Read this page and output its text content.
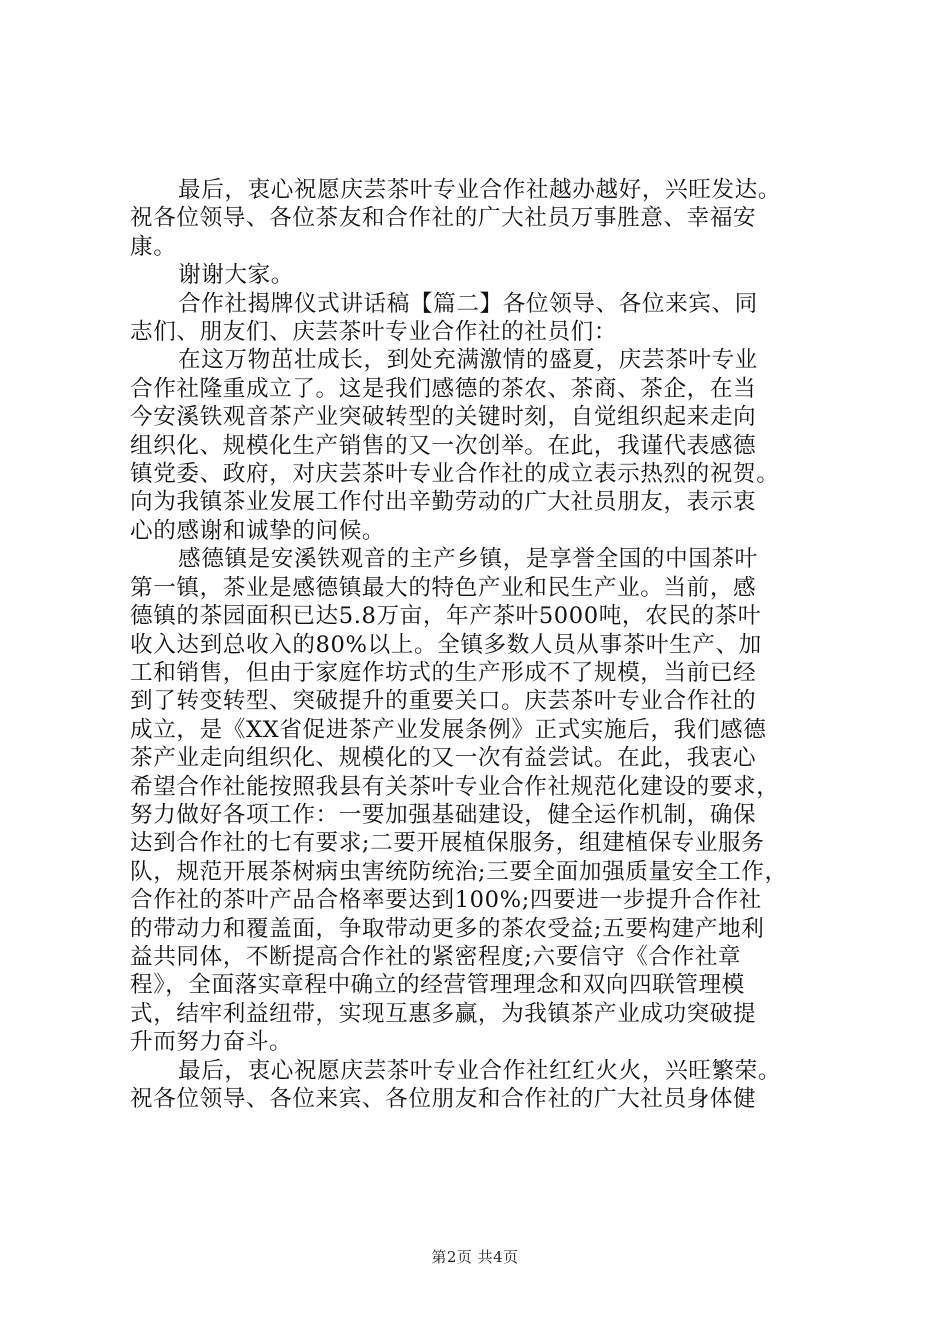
最后，衷心祝愿庆芸茶叶专业合作社越办越好，兴旺发达。
祝各位领导、各位茶友和合作社的广大社员万事胜意、幸福安
康。

谢谢大家。

合作社揭牌仪式讲话稿【篇二】各位领导、各位来宾、同
志们、朋友们、庆芸茶叶专业合作社的社员们：

在这万物茁壮成长，到处充满激情的盛夏，庆芸茶叶专业
合作社隆重成立了。这是我们感德的茶农、茶商、茶企，在当
今安溪铁观音茶产业突破转型的关键时刻，自觉组织起来走向
组织化、规模化生产销售的又一次创举。在此，我谨代表感德
镇党委、政府，对庆芸茶叶专业合作社的成立表示热烈的祝贺。
向为我镇茶业发展工作付出辛勤劳动的广大社员朋友，表示衷
心的感谢和诚挚的问候。

感德镇是安溪铁观音的主产乡镇，是享誉全国的中国茶叶
第一镇，茶业是感德镇最大的特色产业和民生产业。当前，感
德镇的茶园面积已达5.8万亩，年产茶叶5000吨，农民的茶叶
收入达到总收入的80%以上。全镇多数人员从事茶叶生产、加
工和销售，但由于家庭作坊式的生产形成不了规模，当前已经
到了转变转型、突破提升的重要关口。庆芸茶叶专业合作社的
成立，是《XX省促进茶产业发展条例》正式实施后，我们感德
茶产业走向组织化、规模化的又一次有益尝试。在此，我衷心
希望合作社能按照我县有关茶叶专业合作社规范化建设的要求，
努力做好各项工作：一要加强基础建设，健全运作机制，确保
达到合作社的七有要求;二要开展植保服务，组建植保专业服务
队，规范开展茶树病虫害统防统治;三要全面加强质量安全工作，
合作社的茶叶产品合格率要达到100%;四要进一步提升合作社
的带动力和覆盖面，争取带动更多的茶农受益;五要构建产地利
益共同体，不断提高合作社的紧密程度;六要信守《合作社章
程》，全面落实章程中确立的经营管理理念和双向四联管理模
式，结牢利益纽带，实现互惠多赢，为我镇茶产业成功突破提
升而努力奋斗。

最后，衷心祝愿庆芸茶叶专业合作社红红火火，兴旺繁荣。
祝各位领导、各位来宾、各位朋友和合作社的广大社员身体健

第2页 共4页
